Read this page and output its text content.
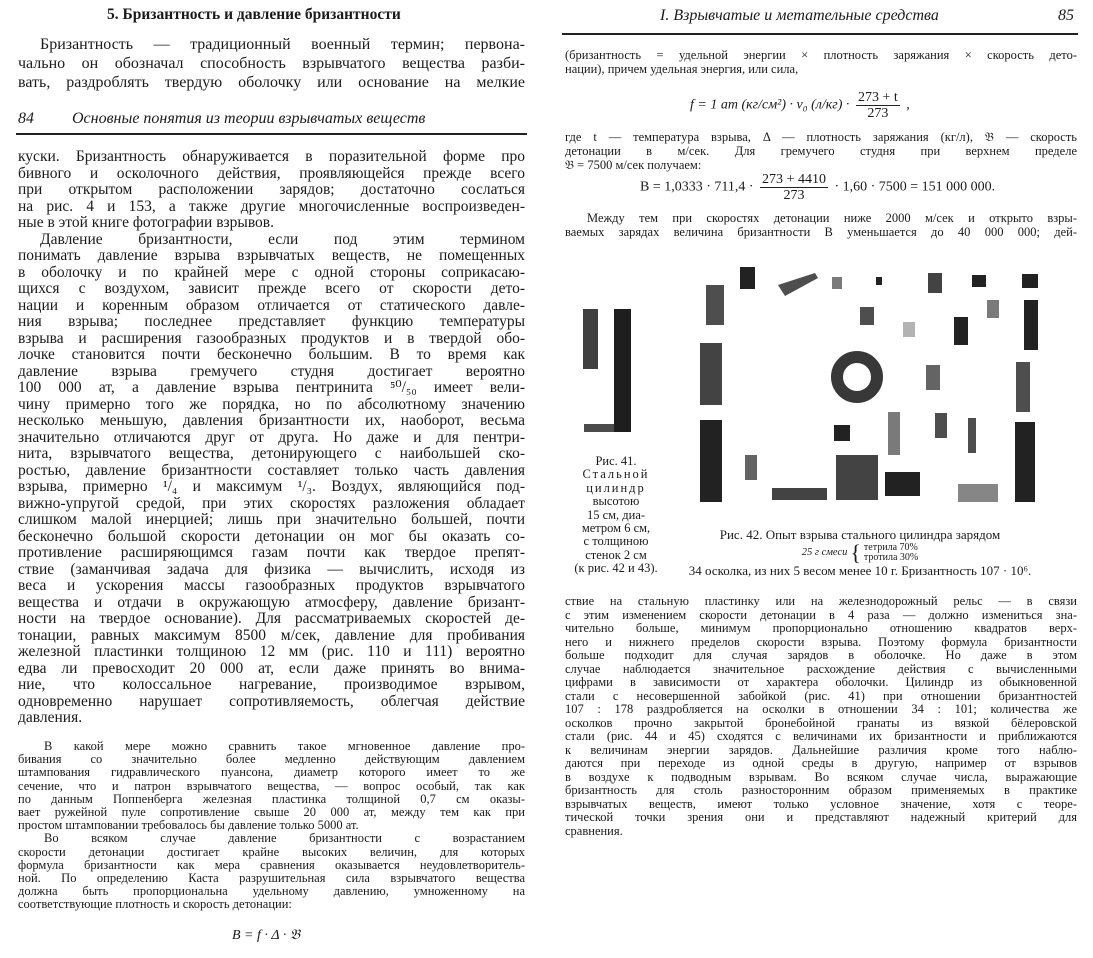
5. Бризантность и давление бризантности
Бризантность — традиционный военный термин; первона-
чально он обозначал способность взрывчатого вещества разби-
вать, раздроблять твердую оболочку или основание на мелкие
84 Основные понятия из теории взрывчатых веществ
куски. Бризантность обнаруживается в поразительной форме про
бивного и осколочного действия, проявляющейся прежде всего
при открытом расположении зарядов; достаточно сослаться
на рис. 4 и 153, а также другие многочисленные воспроизведен-
ные в этой книге фотографии взрывов.
Давление бризантности, если под этим термином
понимать давление взрыва взрывчатых веществ, не помещенных
в оболочку и по крайней мере с одной стороны соприкасаю-
щихся с воздухом, зависит прежде всего от скорости дето-
нации и коренным образом отличается от статического давле-
ния взрыва; последнее представляет функцию температуры
взрыва и расширения газообразных продуктов и в твердой обо-
лочке становится почти бесконечно большим. В то время как
давление взрыва гремучего студня достигает вероятно
100 000 ат, а давление взрыва пентринита ⁵⁰/₅₀ имеет вели-
чину примерно того же порядка, но по абсолютному значению
несколько меньшую, давления бризантности их, наоборот, весьма
значительно отличаются друг от друга. Но даже и для пентри-
нита, взрывчатого вещества, детонирующего с наибольшей ско-
ростью, давление бризантности составляет только часть давления
взрыва, примерно ¹/₄ и максимум ¹/₃. Воздух, являющийся под-
вижно-упругой средой, при этих скоростях разложения обладает
слишком малой инерцией; лишь при значительно большей, почти
бесконечно большой скорости детонации он мог бы оказать со-
противление расширяющимся газам почти как твердое препят-
ствие (заманчивая задача для физика — вычислить, исходя из
веса и ускорения массы газообразных продуктов взрывчатого
вещества и отдачи в окружающую атмосферу, давление бризант-
ности на твердое основание). Для рассматриваемых скоростей де-
тонации, равных максимум 8500 м/сек, давление для пробивания
железной пластинки толщиною 12 мм (рис. 110 и 111) вероятно
едва ли превосходит 20 000 ат, если даже принять во внима-
ние, что колоссальное нагревание, производимое взрывом,
одновременно нарушает сопротивляемость, облегчая действие
давления.
В какой мере можно сравнить такое мгновенное давление про-
бивания со значительно более медленно действующим давлением
штампования гидравлического пуансона, диаметр которого имеет то же
сечение, что и патрон взрывчатого вещества, — вопрос особый, так как
по данным Поппенберга железная пластинка толщиной 0,7 см оказы-
вает ружейной пуле сопротивление свыше 20 000 ат, между тем как при
простом штамповании требовалось бы давление только 5000 ат.
Во всяком случае давление бризантности с возрастанием
скорости детонации достигает крайне высоких величин, для которых
формула бризантности как мера сравнения оказывается неудовлетворитель-
ной. По определению Каста разрушительная сила взрывчатого вещества
должна быть пропорциональна удельному давлению, умноженному на
соответствующие плотность и скорость детонации:
B = f · Δ · 𝔅
I. Взрывчатые и метательные средства	85
(бризантность = удельной энергии × плотность заряжания × скорость дето-
нации), причем удельная энергия, или сила,
f = 1 ат (кг/см²) · v₀ $(л/кг) \cdot \frac{273 + t}{273}$ ,
где t — температура взрыва, Δ — плотность заряжания (кг/л), 𝔅 — скорость
детонации в м/сек. Для гремучего студня при верхнем пределе
𝔅 = 7500 м/сек получаем:
$B = 1,0333 \cdot 711,4 \cdot \frac{273 + 4410}{273} \cdot 1,60 \cdot 7500 = 151$ 000 000.
Между тем при скоростях детонации ниже 2000 м/сек и открыто взры-
ваемых зарядах величина бризантности B уменьшается до 40 000 000; дей-
Рис. 41.
Стальной
цилиндр
высотою
15 см, диа-
метром 6 см,
с толщиною
стенок 2 см
(к рис. 42 и 43).
Рис. 42. Опыт взрыва стального цилиндра зарядом
25 г смеси { тетрила 70%
тротила 30%
34 осколка, из них 5 весом менее 10 г. Бризантность 107 · 10⁶.
ствие на стальную пластинку или на железнодорожный рельс — в связи
с этим изменением скорости детонации в 4 раза — должно измениться зна-
чительно больше, минимум пропорционально отношению квадратов верх-
него и нижнего пределов скорости взрыва. Поэтому формула бризантности
больше подходит для случая зарядов в оболочке. Но даже в этом
случае наблюдается значительное расхождение действия с вычисленными
цифрами в зависимости от характера оболочки. Цилиндр из обыкновенной
стали с несовершенной забойкой (рис. 41) при отношении бризантностей
107 : 178 раздробляется на осколки в отношении 34 : 101; количества же
осколков прочно закрытой бронебойной гранаты из вязкой бёлеровской
стали (рис. 44 и 45) сходятся с величинами их бризантности и приближаются
к величинам энергии зарядов. Дальнейшие различия кроме того наблю-
даются при переходе из одной среды в другую, например от взрывов
в воздухе к подводным взрывам. Во всяком случае числа, выражающие
бризантность для столь разносторонним образом применяемых в практике
взрывчатых веществ, имеют только условное значение, хотя с теоре-
тической точки зрения они и представляют надежный критерий для
сравнения.
